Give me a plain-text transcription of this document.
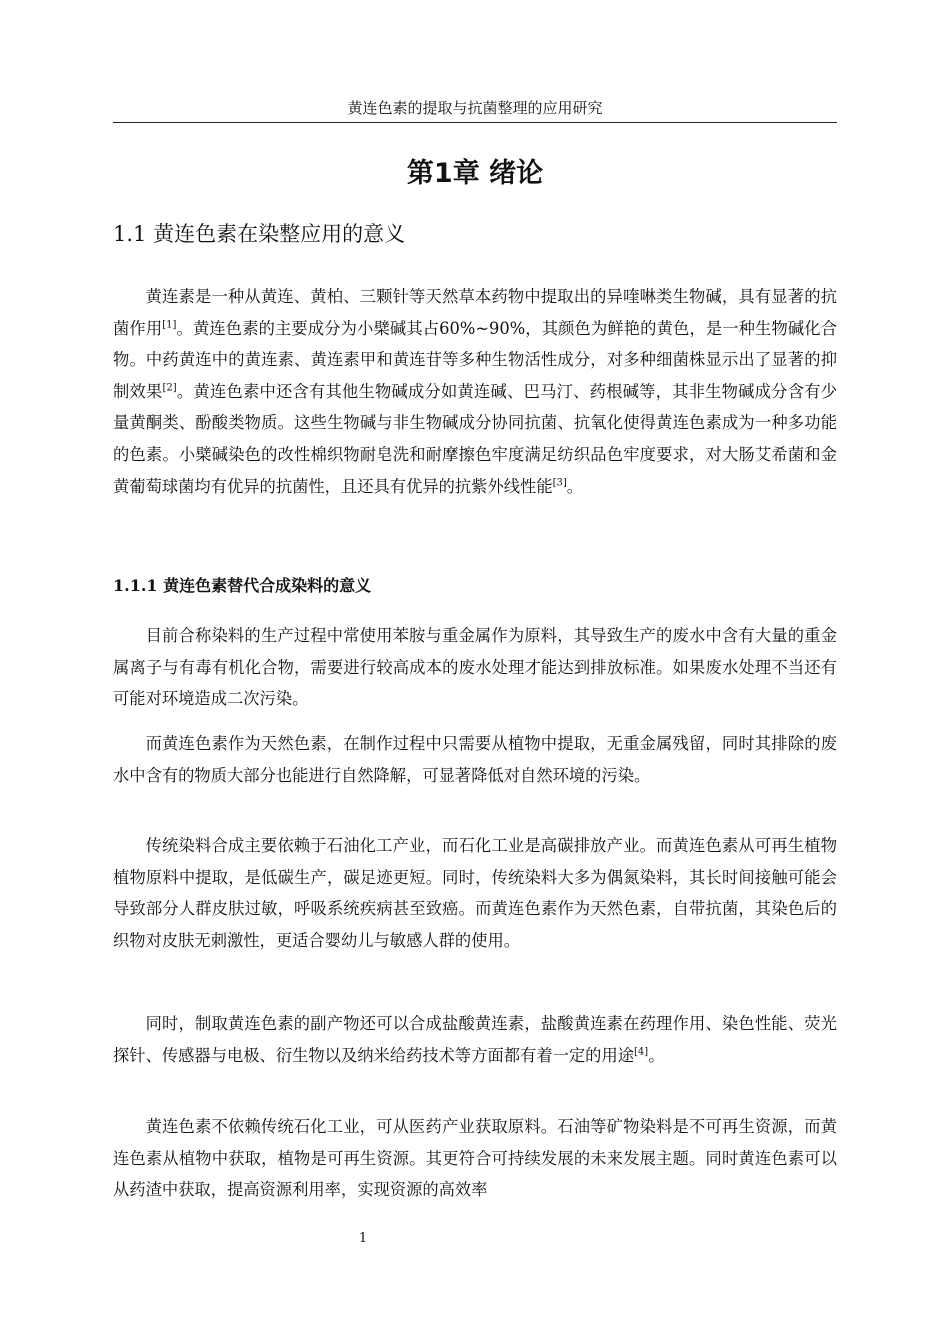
黄连色素的提取与抗菌整理的应用研究
第1章 绪论
1.1 黄连色素在染整应用的意义

黄连素是一种从黄连、黄柏、三颗针等天然草本药物中提取出的异喹啉类生物碱，具有显著的抗菌作用[1]。黄连色素的主要成分为小檗碱其占60%~90%，其颜色为鲜艳的黄色，是一种生物碱化合物。中药黄连中的黄连素、黄连素甲和黄连苷等多种生物活性成分，对多种细菌株显示出了显著的抑制效果[2]。黄连色素中还含有其他生物碱成分如黄连碱、巴马汀、药根碱等，其非生物碱成分含有少量黄酮类、酚酸类物质。这些生物碱与非生物碱成分协同抗菌、抗氧化使得黄连色素成为一种多功能的色素。小檗碱染色的改性棉织物耐皂洗和耐摩擦色牢度满足纺织品色牢度要求，对大肠艾希菌和金黄葡萄球菌均有优异的抗菌性，且还具有优异的抗紫外线性能[3]。

1.1.1 黄连色素替代合成染料的意义

目前合称染料的生产过程中常使用苯胺与重金属作为原料，其导致生产的废水中含有大量的重金属离子与有毒有机化合物，需要进行较高成本的废水处理才能达到排放标准。如果废水处理不当还有可能对环境造成二次污染。

而黄连色素作为天然色素，在制作过程中只需要从植物中提取，无重金属残留，同时其排除的废水中含有的物质大部分也能进行自然降解，可显著降低对自然环境的污染。

传统染料合成主要依赖于石油化工产业，而石化工业是高碳排放产业。而黄连色素从可再生植物植物原料中提取，是低碳生产，碳足迹更短。同时，传统染料大多为偶氮染料，其长时间接触可能会导致部分人群皮肤过敏，呼吸系统疾病甚至致癌。而黄连色素作为天然色素，自带抗菌，其染色后的织物对皮肤无刺激性，更适合婴幼儿与敏感人群的使用。

同时，制取黄连色素的副产物还可以合成盐酸黄连素，盐酸黄连素在药理作用、染色性能、荧光探针、传感器与电极、衍生物以及纳米给药技术等方面都有着一定的用途[4]。

黄连色素不依赖传统石化工业，可从医药产业获取原料。石油等矿物染料是不可再生资源，而黄连色素从植物中获取，植物是可再生资源。其更符合可持续发展的未来发展主题。同时黄连色素可以从药渣中获取，提高资源利用率，实现资源的高效率

1
